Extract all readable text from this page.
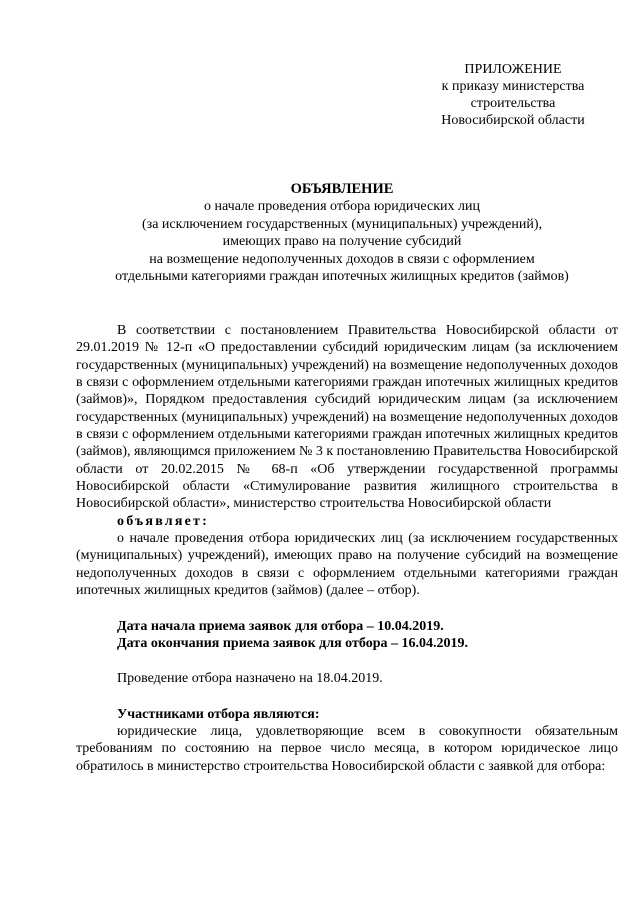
ПРИЛОЖЕНИЕ
к приказу министерства
строительства
Новосибирской области
ОБЪЯВЛЕНИЕ
о начале проведения отбора юридических лиц
(за исключением государственных (муниципальных) учреждений),
имеющих право на получение субсидий
на возмещение недополученных доходов в связи с оформлением
отдельными категориями граждан ипотечных жилищных кредитов (займов)

В соответствии с постановлением Правительства Новосибирской области от 29.01.2019 № 12-п «О предоставлении субсидий юридическим лицам (за исключением государственных (муниципальных) учреждений) на возмещение недополученных доходов в связи с оформлением отдельными категориями граждан ипотечных жилищных кредитов (займов)», Порядком предоставления субсидий юридическим лицам (за исключением государственных (муниципальных) учреждений) на возмещение недополученных доходов в связи с оформлением отдельными категориями граждан ипотечных жилищных кредитов (займов), являющимся приложением № 3 к постановлению Правительства Новосибирской области от 20.02.2015 № 68-п «Об утверждении государственной программы Новосибирской области «Стимулирование развития жилищного строительства в Новосибирской области», министерство строительства Новосибирской области

объявляет:

о начале проведения отбора юридических лиц (за исключением государственных (муниципальных) учреждений), имеющих право на получение субсидий на возмещение недополученных доходов в связи с оформлением отдельными категориями граждан ипотечных жилищных кредитов (займов) (далее – отбор).

Дата начала приема заявок для отбора – 10.04.2019.
Дата окончания приема заявок для отбора – 16.04.2019.

Проведение отбора назначено на 18.04.2019.

Участниками отбора являются:

юридические лица, удовлетворяющие всем в совокупности обязательным требованиям по состоянию на первое число месяца, в котором юридическое лицо обратилось в министерство строительства Новосибирской области с заявкой для отбора:
